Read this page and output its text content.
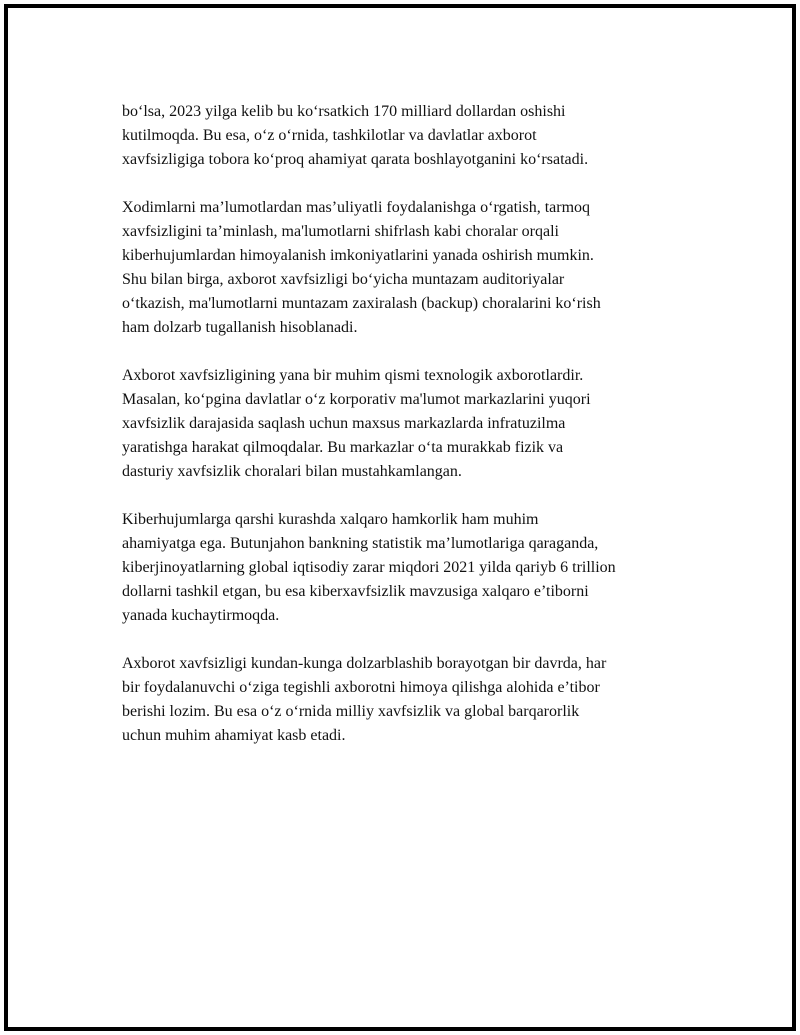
bo‘lsa, 2023 yilga kelib bu ko‘rsatkich 170 milliard dollardan oshishi
kutilmoqda. Bu esa, o‘z o‘rnida, tashkilotlar va davlatlar axborot
xavfsizligiga tobora ko‘proq ahamiyat qarata boshlayotganini ko‘rsatadi.

Xodimlarni ma’lumotlardan mas’uliyatli foydalanishga o‘rgatish, tarmoq
xavfsizligini ta’minlash, ma'lumotlarni shifrlash kabi choralar orqali
kiberhujumlardan himoyalanish imkoniyatlarini yanada oshirish mumkin.
Shu bilan birga, axborot xavfsizligi bo‘yicha muntazam auditoriyalar
o‘tkazish, ma'lumotlarni muntazam zaxiralash (backup) choralarini ko‘rish
ham dolzarb tugallanish hisoblanadi.

Axborot xavfsizligining yana bir muhim qismi texnologik axborotlardir.
Masalan, ko‘pgina davlatlar o‘z korporativ ma'lumot markazlarini yuqori
xavfsizlik darajasida saqlash uchun maxsus markazlarda infratuzilma
yaratishga harakat qilmoqdalar. Bu markazlar o‘ta murakkab fizik va
dasturiy xavfsizlik choralari bilan mustahkamlangan.

Kiberhujumlarga qarshi kurashda xalqaro hamkorlik ham muhim
ahamiyatga ega. Butunjahon bankning statistik ma’lumotlariga qaraganda,
kiberjinoyatlarning global iqtisodiy zarar miqdori 2021 yilda qariyb 6 trillion
dollarni tashkil etgan, bu esa kiberxavfsizlik mavzusiga xalqaro e’tiborni
yanada kuchaytirmoqda.

Axborot xavfsizligi kundan-kunga dolzarblashib borayotgan bir davrda, har
bir foydalanuvchi o‘ziga tegishli axborotni himoya qilishga alohida e’tibor
berishi lozim. Bu esa o‘z o‘rnida milliy xavfsizlik va global barqarorlik
uchun muhim ahamiyat kasb etadi.
